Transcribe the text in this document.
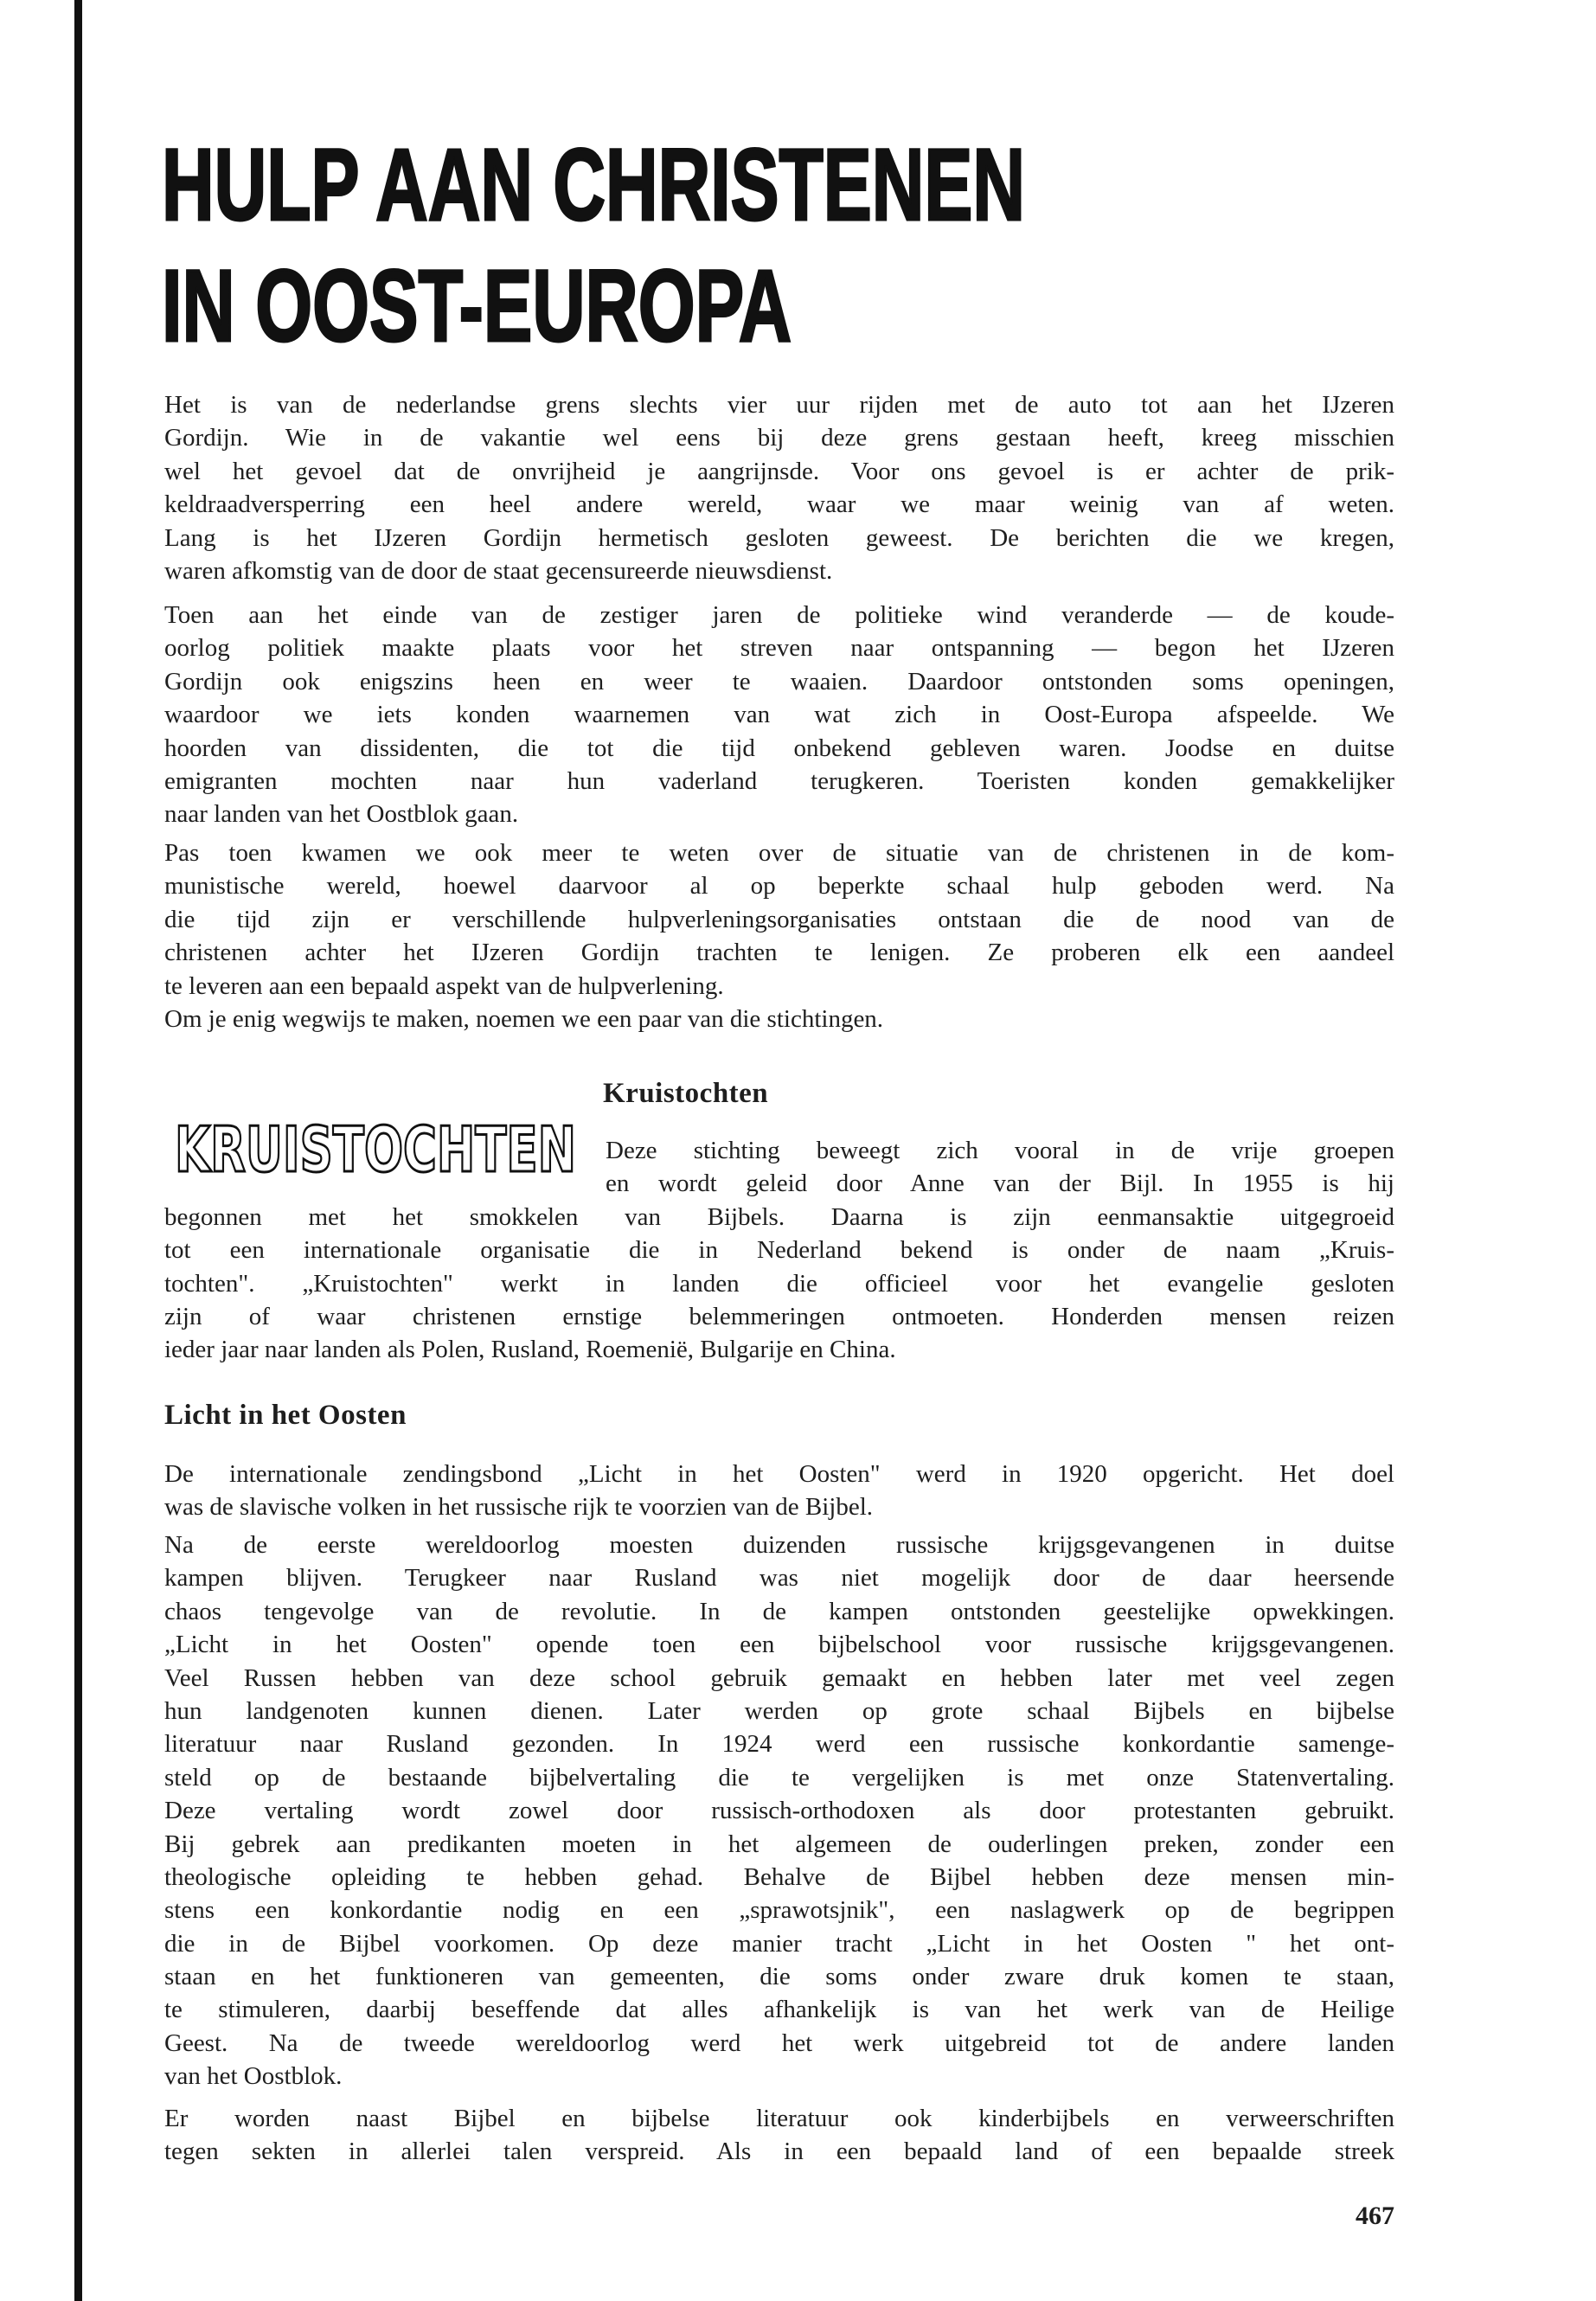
HULP AAN CHRISTENEN
IN OOST-EUROPA
Het is van de nederlandse grens slechts vier uur rijden met de auto tot aan het IJzeren
Gordijn. Wie in de vakantie wel eens bij deze grens gestaan heeft, kreeg misschien
wel het gevoel dat de onvrijheid je aangrijnsde. Voor ons gevoel is er achter de prik-
keldraadversperring een heel andere wereld, waar we maar weinig van af weten.
Lang is het IJzeren Gordijn hermetisch gesloten geweest. De berichten die we kregen,
waren afkomstig van de door de staat gecensureerde nieuwsdienst.
Toen aan het einde van de zestiger jaren de politieke wind veranderde — de koude-
oorlog politiek maakte plaats voor het streven naar ontspanning — begon het IJzeren
Gordijn ook enigszins heen en weer te waaien. Daardoor ontstonden soms openingen,
waardoor we iets konden waarnemen van wat zich in Oost-Europa afspeelde. We
hoorden van dissidenten, die tot die tijd onbekend gebleven waren. Joodse en duitse
emigranten mochten naar hun vaderland terugkeren. Toeristen konden gemakkelijker
naar landen van het Oostblok gaan.
Pas toen kwamen we ook meer te weten over de situatie van de christenen in de kom-
munistische wereld, hoewel daarvoor al op beperkte schaal hulp geboden werd. Na
die tijd zijn er verschillende hulpverleningsorganisaties ontstaan die de nood van de
christenen achter het IJzeren Gordijn trachten te lenigen. Ze proberen elk een aandeel
te leveren aan een bepaald aspekt van de hulpverlening.
Om je enig wegwijs te maken, noemen we een paar van die stichtingen.
Kruistochten
KRUISTOCHTEN Deze stichting beweegt zich vooral in de vrije groepen
en wordt geleid door Anne van der Bijl. In 1955 is hij
begonnen met het smokkelen van Bijbels. Daarna is zijn eenmansaktie uitgegroeid
tot een internationale organisatie die in Nederland bekend is onder de naam „Kruis-
tochten". „Kruistochten" werkt in landen die officieel voor het evangelie gesloten
zijn of waar christenen ernstige belemmeringen ontmoeten. Honderden mensen reizen
ieder jaar naar landen als Polen, Rusland, Roemenië, Bulgarije en China.
Licht in het Oosten
De internationale zendingsbond „Licht in het Oosten" werd in 1920 opgericht. Het doel
was de slavische volken in het russische rijk te voorzien van de Bijbel.
Na de eerste wereldoorlog moesten duizenden russische krijgsgevangenen in duitse
kampen blijven. Terugkeer naar Rusland was niet mogelijk door de daar heersende
chaos tengevolge van de revolutie. In de kampen ontstonden geestelijke opwekkingen.
„Licht in het Oosten" opende toen een bijbelschool voor russische krijgsgevangenen.
Veel Russen hebben van deze school gebruik gemaakt en hebben later met veel zegen
hun landgenoten kunnen dienen. Later werden op grote schaal Bijbels en bijbelse
literatuur naar Rusland gezonden. In 1924 werd een russische konkordantie samenge-
steld op de bestaande bijbelvertaling die te vergelijken is met onze Statenvertaling.
Deze vertaling wordt zowel door russisch-orthodoxen als door protestanten gebruikt.
Bij gebrek aan predikanten moeten in het algemeen de ouderlingen preken, zonder een
theologische opleiding te hebben gehad. Behalve de Bijbel hebben deze mensen min-
stens een konkordantie nodig en een „sprawotsjnik", een naslagwerk op de begrippen
die in de Bijbel voorkomen. Op deze manier tracht „Licht in het Oosten " het ont-
staan en het funktioneren van gemeenten, die soms onder zware druk komen te staan,
te stimuleren, daarbij beseffende dat alles afhankelijk is van het werk van de Heilige
Geest. Na de tweede wereldoorlog werd het werk uitgebreid tot de andere landen
van het Oostblok.
Er worden naast Bijbel en bijbelse literatuur ook kinderbijbels en verweerschriften
tegen sekten in allerlei talen verspreid. Als in een bepaald land of een bepaalde streek
467
